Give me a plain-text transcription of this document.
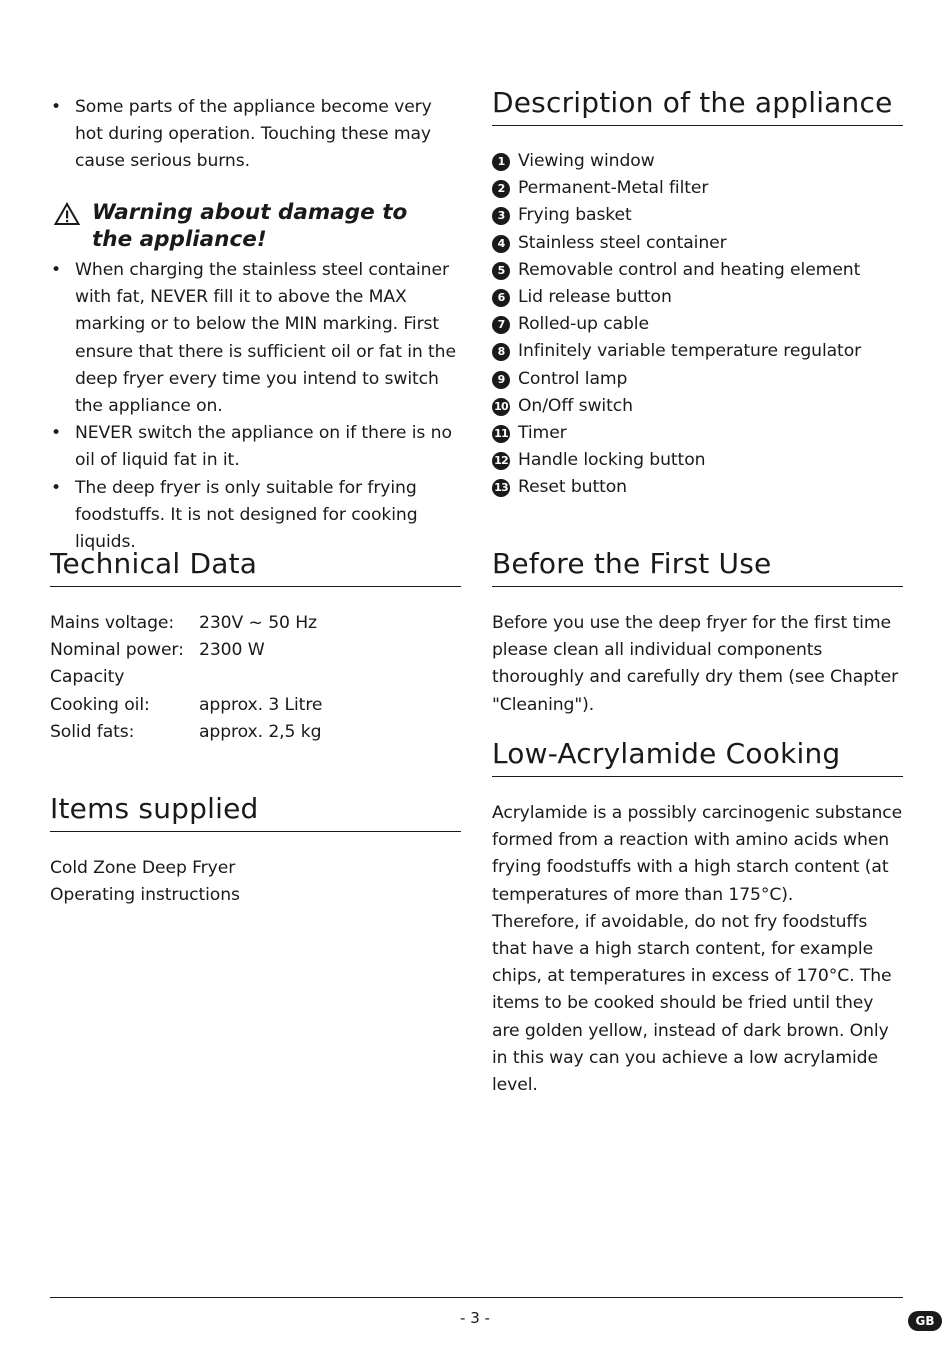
• Some parts of the appliance become very hot during operation. Touching these may cause serious burns.
Warning about damage to the appliance!
• When charging the stainless steel container with fat, NEVER fill it to above the MAX marking or to below the MIN marking. First ensure that there is sufficient oil or fat in the deep fryer every time you intend to switch the appliance on.
• NEVER switch the appliance on if there is no oil of liquid fat in it.
• The deep fryer is only suitable for frying foodstuffs. It is not designed for cooking liquids.
Technical Data
Mains voltage: 230V ~ 50 Hz
Nominal power: 2300 W
Capacity
Cooking oil:	approx. 3 Litre
Solid fats:	approx. 2,5 kg
Items supplied
Cold Zone Deep Fryer
Operating instructions
Description of the appliance
1 Viewing window
2 Permanent-Metal filter
3 Frying basket
4 Stainless steel container
5 Removable control and heating element
6 Lid release button
7 Rolled-up cable
8 Infinitely variable temperature regulator
9 Control lamp
10 On/Off switch
11 Timer
12 Handle locking button
13 Reset button
Before the First Use

Before you use the deep fryer for the first time please clean all individual components thoroughly and carefully dry them (see Chapter "Cleaning").

Low-Acrylamide Cooking
Acrylamide is a possibly carcinogenic substance formed from a reaction with amino acids when frying foodstuffs with a high starch content (at temperatures of more than 175°C).
Therefore, if avoidable, do not fry foodstuffs that have a high starch content, for example chips, at temperatures in excess of 170°C. The items to be cooked should be fried until they are golden yellow, instead of dark brown. Only in this way can you achieve a low acrylamide level.
- 3 -	GB
